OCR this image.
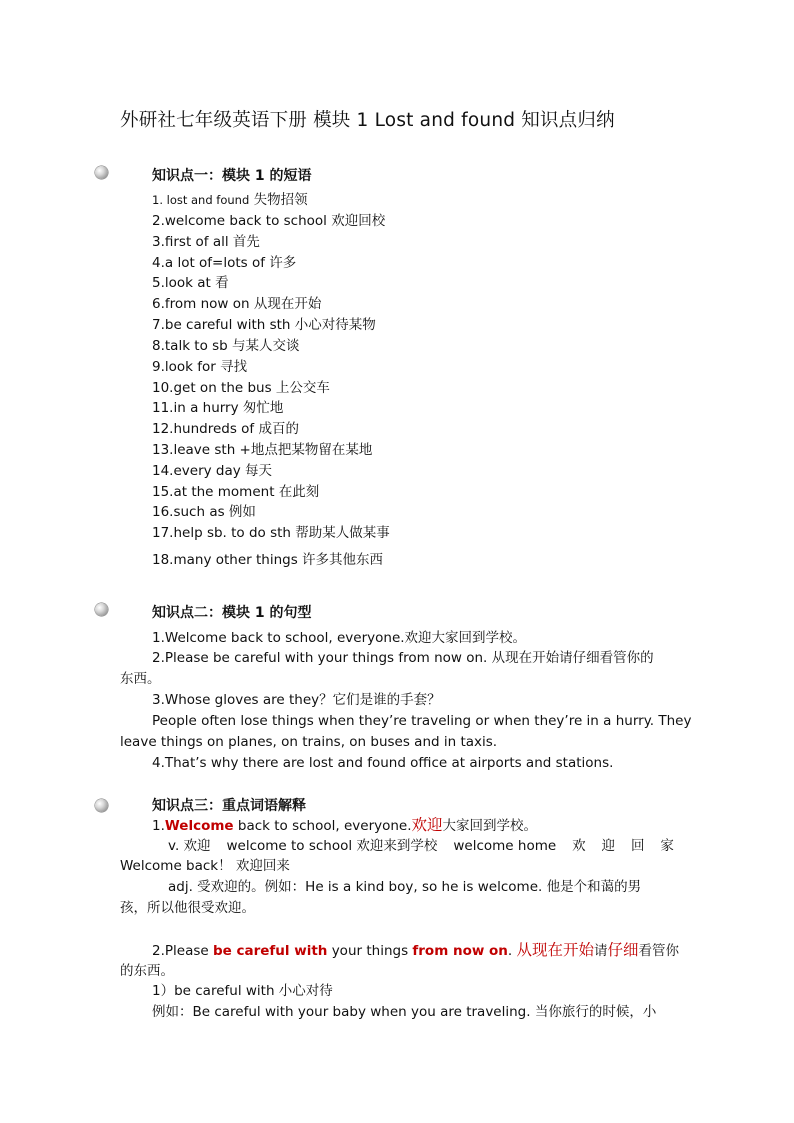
外研社七年级英语下册 模块 1 Lost and found 知识点归纳
知识点一：模块 1 的短语
1. lost and found 失物招领
2.welcome back to school 欢迎回校
3.first of all 首先
4.a lot of=lots of 许多
5.look at 看
6.from now on 从现在开始
7.be careful with sth 小心对待某物
8.talk to sb 与某人交谈
9.look for 寻找
10.get on the bus 上公交车
11.in a hurry 匆忙地
12.hundreds of 成百的
13.leave sth +地点把某物留在某地
14.every day 每天
15.at the moment 在此刻
16.such as 例如
17.help sb. to do sth 帮助某人做某事
18.many other things 许多其他东西
知识点二：模块 1 的句型
1.Welcome back to school, everyone.欢迎大家回到学校。
2.Please be careful with your things from now on. 从现在开始请仔细看管你的
东西。
3.Whose gloves are they？它们是谁的手套？
People often lose things when they’re traveling or when they’re in a hurry. They
leave things on planes, on trains, on buses and in taxis.
4.That’s why there are lost and found office at airports and stations.
知识点三：重点词语解释
1.Welcome back to school, everyone.欢迎大家回到学校。
v. 欢迎 welcome to school 欢迎来到学校 welcome home 欢 迎 回 家
Welcome back！ 欢迎回来
adj. 受欢迎的。例如：He is a kind boy, so he is welcome. 他是个和蔼的男
孩，所以他很受欢迎。
2.Please be careful with your things from now on. 从现在开始请仔细看管你
的东西。
1）be careful with 小心对待
例如：Be careful with your baby when you are traveling. 当你旅行的时候，小
